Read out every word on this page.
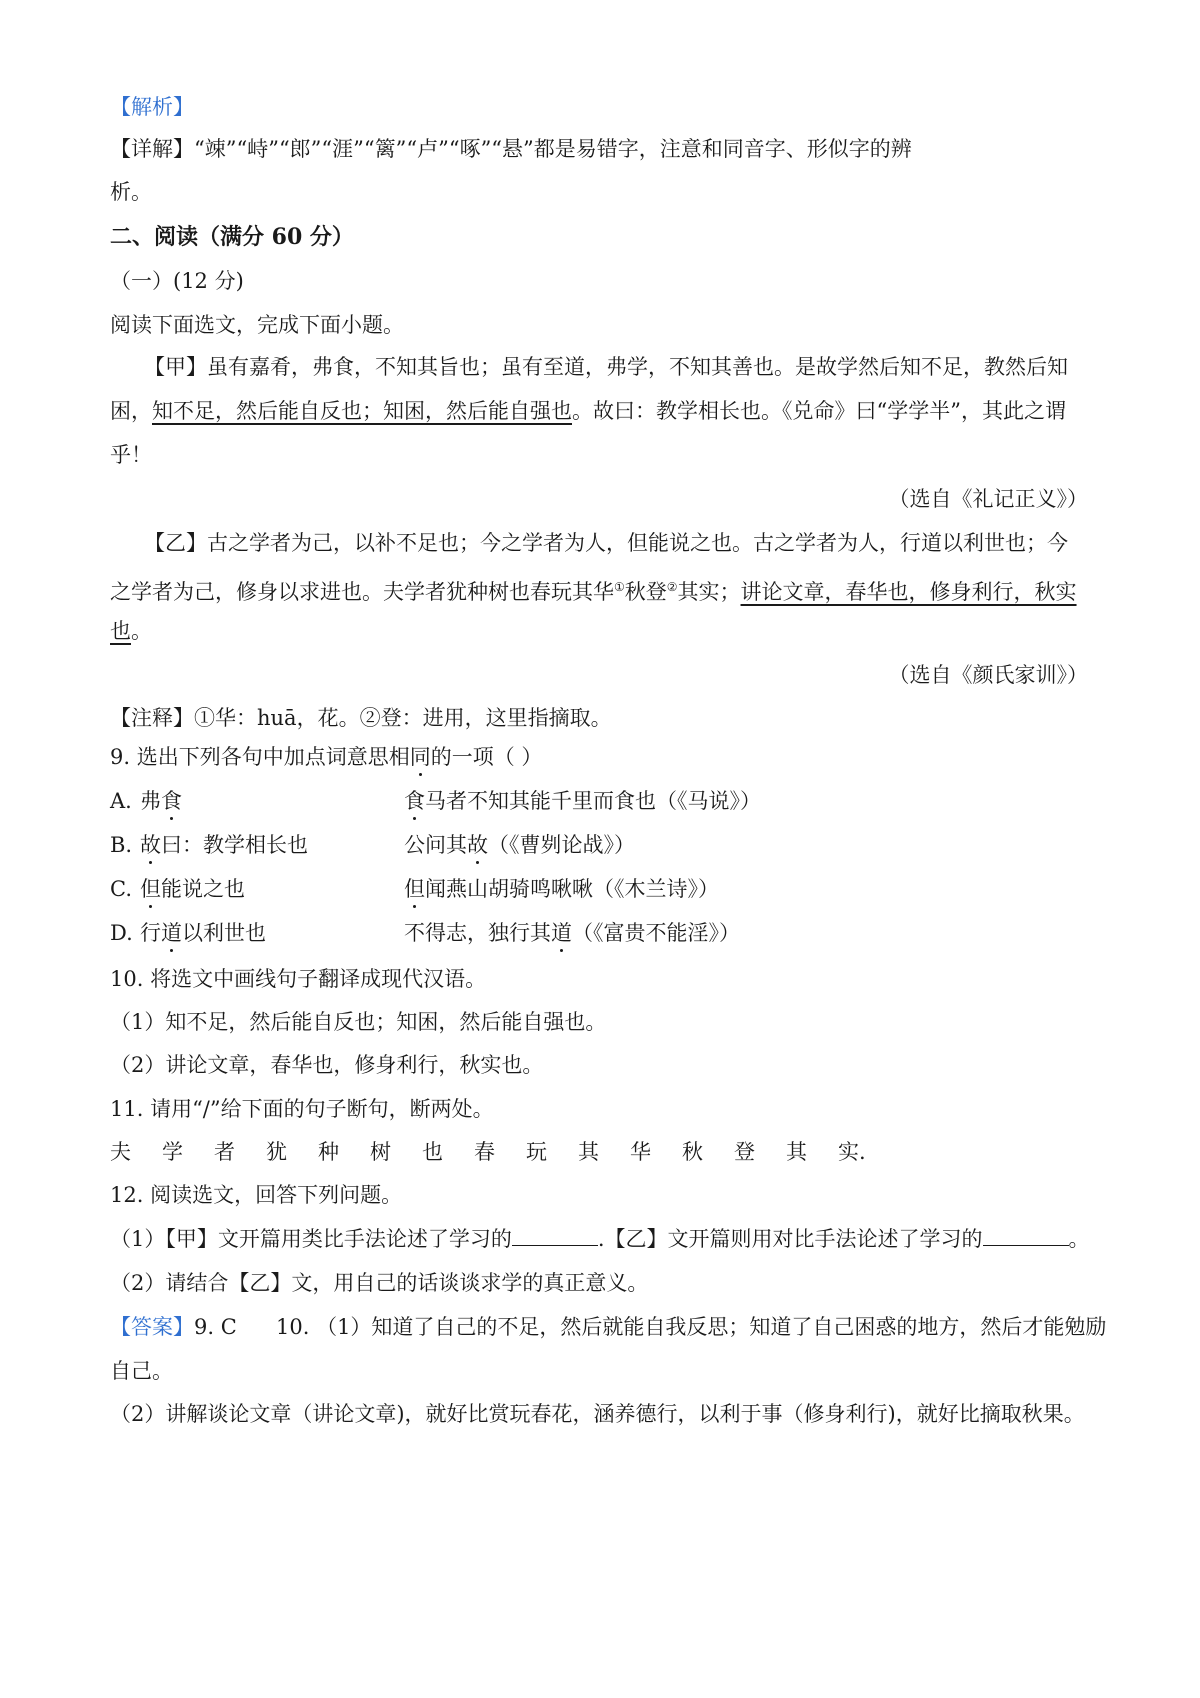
【解析】
【详解】“竦”“峙”“郎”“涯”“篱”“卢”“啄”“悬”都是易错字，注意和同音字、形似字的辨
析。
二、阅读（满分 60 分）
（一）(12 分)
阅读下面选文，完成下面小题。
【甲】虽有嘉肴，弗食，不知其旨也；虽有至道，弗学，不知其善也。是故学然后知不足，教然后知
困，知不足，然后能自反也；知困，然后能自强也。故曰：教学相长也。《兑命》曰“学学半”，其此之谓
乎！
（选自《礼记正义》）
【乙】古之学者为己，以补不足也；今之学者为人，但能说之也。古之学者为人，行道以利世也；今
之学者为己，修身以求进也。夫学者犹种树也春玩其华①秋登②其实；讲论文章，春华也，修身利行，秋实
也。
（选自《颜氏家训》）
【注释】①华：huā，花。②登：进用，这里指摘取。
9. 选出下列各句中加点词意思相同的一项（ ）
A. 弗食	食马者不知其能千里而食也（《马说》）
B. 故曰：教学相长也	公问其故（《曹刿论战》）
C. 但能说之也	但闻燕山胡骑鸣啾啾（《木兰诗》）
D. 行道以利世也	不得志，独行其道（《富贵不能淫》）
10. 将选文中画线句子翻译成现代汉语。
（1）知不足，然后能自反也；知困，然后能自强也。
（2）讲论文章，春华也，修身利行，秋实也。
11. 请用“/”给下面的句子断句，断两处。
夫 学 者 犹 种 树 也 春 玩 其 华 秋 登 其 实.
12. 阅读选文，回答下列问题。
（1）【甲】文开篇用类比手法论述了学习的	.【乙】文开篇则用对比手法论述了学习的	。
（2）请结合【乙】文，用自己的话谈谈求学的真正意义。
【答案】9. C 10. （1）知道了自己的不足，然后就能自我反思；知道了自己困惑的地方，然后才能勉励
自己。
（2）讲解谈论文章（讲论文章)，就好比赏玩春花，涵养德行，以利于事（修身利行)，就好比摘取秋果。
